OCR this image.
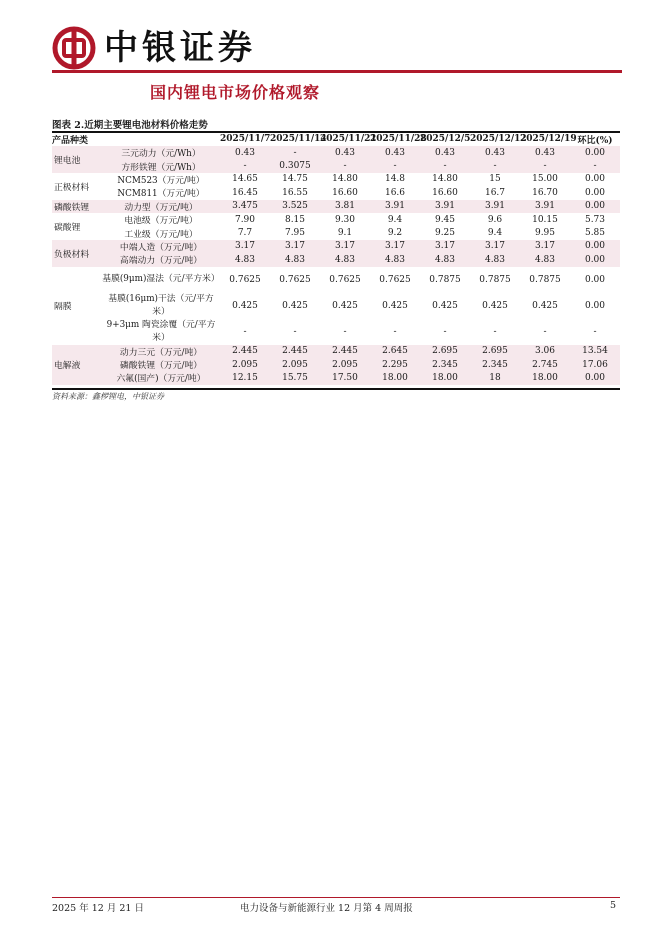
中银证券
国内锂电市场价格观察
图表 2.近期主要锂电池材料价格走势
产品种类		2025/11/7	2025/11/14	2025/11/21	2025/11/28	2025/12/5	2025/12/12	2025/12/19	环比(%)
锂电池	三元动力（元/Wh）	0.43	-	0.43	0.43	0.43	0.43	0.43	0.00
	方形铁锂（元/Wh）	-	0.3075	-	-	-	-	-	-
正极材料	NCM523（万元/吨）	14.65	14.75	14.80	14.8	14.80	15	15.00	0.00
	NCM811（万元/吨）	16.45	16.55	16.60	16.6	16.60	16.7	16.70	0.00
磷酸铁锂	动力型（万元/吨）	3.475	3.525	3.81	3.91	3.91	3.91	3.91	0.00
碳酸锂	电池级（万元/吨）	7.90	8.15	9.30	9.4	9.45	9.6	10.15	5.73
	工业级（万元/吨）	7.7	7.95	9.1	9.2	9.25	9.4	9.95	5.85
负极材料	中端人造（万元/吨）	3.17	3.17	3.17	3.17	3.17	3.17	3.17	0.00
	高端动力（万元/吨）	4.83	4.83	4.83	4.83	4.83	4.83	4.83	0.00
隔膜	基膜(9μm)湿法（元/平方米）	0.7625	0.7625	0.7625	0.7625	0.7875	0.7875	0.7875	0.00
	基膜(16μm)干法（元/平方米）	0.425	0.425	0.425	0.425	0.425	0.425	0.425	0.00
	9+3μm 陶瓷涂覆（元/平方米）	-	-	-	-	-	-	-	-
电解液	动力三元（万元/吨）	2.445	2.445	2.445	2.645	2.695	2.695	3.06	13.54
	磷酸铁锂（万元/吨）	2.095	2.095	2.095	2.295	2.345	2.345	2.745	17.06
	六氟(国产)（万元/吨）	12.15	15.75	17.50	18.00	18.00	18	18.00	0.00
资料来源：鑫椤锂电，中银证券
2025 年 12 月 21 日	电力设备与新能源行业 12 月第 4 周周报	5
